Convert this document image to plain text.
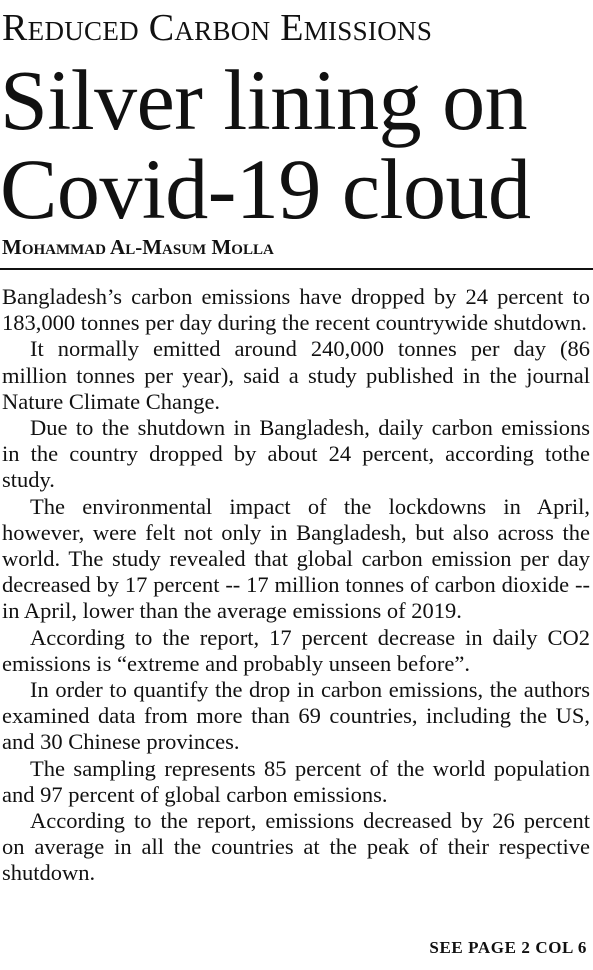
Reduced Carbon Emissions
Silver lining on
Covid-19 cloud
Mohammad Al-Masum Molla

Bangladesh’s carbon emissions have dropped by 24 percent to 183,000 tonnes per day during the recent countrywide shutdown.

It normally emitted around 240,000 tonnes per day (86 million tonnes per year), said a study published in the journal Nature Climate Change.

Due to the shutdown in Bangladesh, daily carbon emissions in the country dropped by about 24 percent, according tothe study.

The environmental impact of the lockdowns in April, however, were felt not only in Bangladesh, but also across the world. The study revealed that global carbon emission per day decreased by 17 percent -- 17 million tonnes of carbon dioxide -- in April, lower than the average emissions of 2019.

According to the report, 17 percent decrease in daily CO2 emissions is “extreme and probably unseen before”.

In order to quantify the drop in carbon emissions, the authors examined data from more than 69 countries, including the US, and 30 Chinese provinces.

The sampling represents 85 percent of the world population and 97 percent of global carbon emissions.

According to the report, emissions decreased by 26 percent on average in all the countries at the peak of their respective shutdown.

SEE PAGE 2 COL 6
